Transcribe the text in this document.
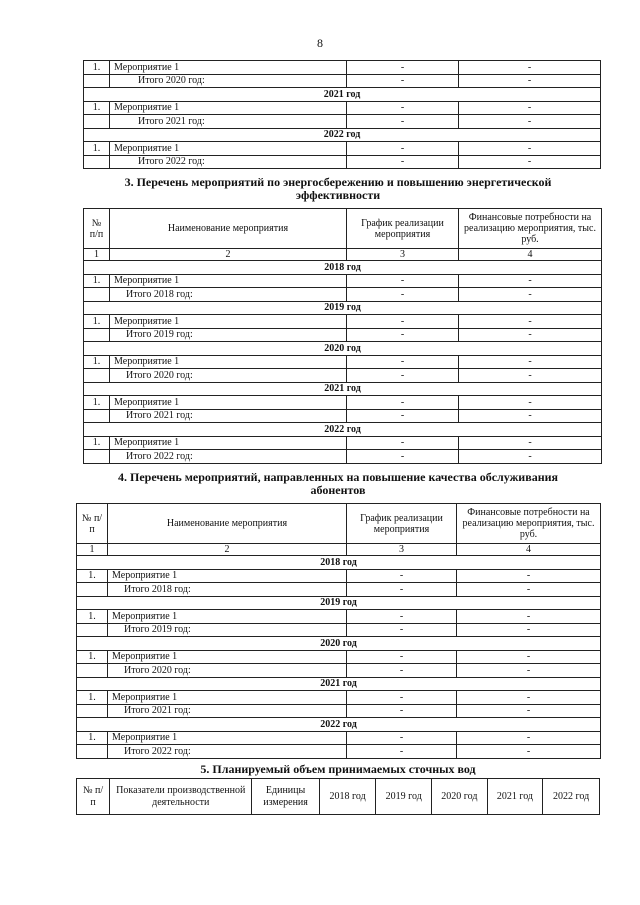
8
1.	Мероприятие 1	-	-
	Итого 2020 год:	-	-
2021 год			
1.	Мероприятие 1	-	-
	Итого 2021 год:	-	-
2022 год			
1.	Мероприятие 1	-	-
	Итого 2022 год:	-	-
3. Перечень мероприятий по энергосбережению и повышению энергетической
эффективности
№ п/п	Наименование мероприятия	График реализации мероприятия	Финансовые потребности на реализацию мероприятия, тыс. руб.
1	2	3	4
2018 год			
1.	Мероприятие 1	-	-
	Итого 2018 год:	-	-
2019 год			
1.	Мероприятие 1	-	-
	Итого 2019 год:	-	-
2020 год			
1.	Мероприятие 1	-	-
	Итого 2020 год:	-	-
2021 год			
1.	Мероприятие 1	-	-
	Итого 2021 год:	-	-
2022 год			
1.	Мероприятие 1	-	-
	Итого 2022 год:	-	-
4. Перечень мероприятий, направленных на повышение качества обслуживания
абонентов
№ п/п	Наименование мероприятия	График реализации мероприятия	Финансовые потребности на реализацию мероприятия, тыс. руб.
1	2	3	4
2018 год			
1.	Мероприятие 1	-	-
	Итого 2018 год:	-	-
2019 год			
1.	Мероприятие 1	-	-
	Итого 2019 год:	-	-
2020 год			
1.	Мероприятие 1	-	-
	Итого 2020 год:	-	-
2021 год			
1.	Мероприятие 1	-	-
	Итого 2021 год:	-	-
2022 год			
1.	Мероприятие 1	-	-
	Итого 2022 год:	-	-
5. Планируемый объем принимаемых сточных вод
№ п/п	Показатели производственной деятельности	Единицы измерения	2018 год	2019 год	2020 год	2021 год	2022 год
